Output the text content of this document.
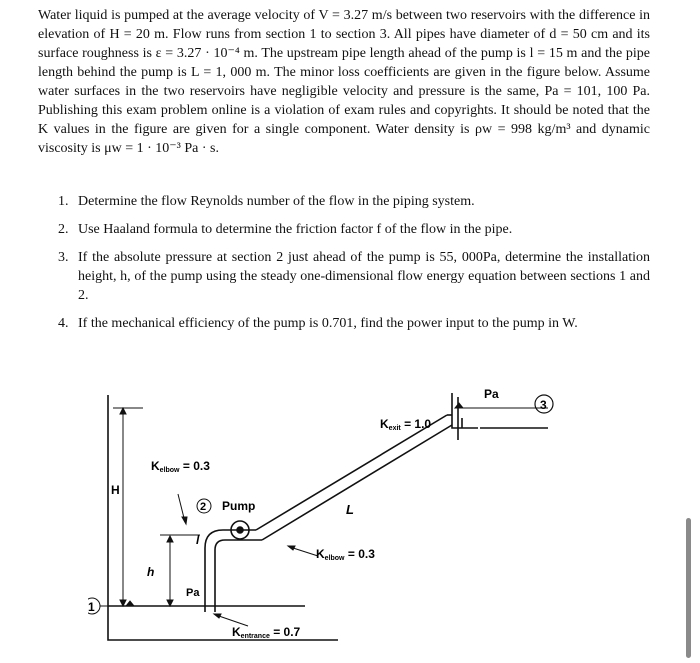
Water liquid is pumped at the average velocity of V = 3.27 m/s between two reservoirs with the difference in elevation of H = 20 m. Flow runs from section 1 to section 3. All pipes have diameter of d = 50 cm and its surface roughness is ε = 3.27 · 10⁻⁴ m. The upstream pipe length ahead of the pump is l = 15 m and the pipe length behind the pump is L = 1, 000 m. The minor loss coefficients are given in the figure below. Assume water surfaces in the two reservoirs have negligible velocity and pressure is the same, Pa = 101, 100 Pa. Publishing this exam problem online is a violation of exam rules and copyrights. It should be noted that the K values in the figure are given for a single component. Water density is ρw = 998 kg/m³ and dynamic viscosity is μw = 1 · 10⁻³ Pa · s.
1. Determine the flow Reynolds number of the flow in the piping system.
2. Use Haaland formula to determine the friction factor f of the flow in the pipe.
3. If the absolute pressure at section 2 just ahead of the pump is 55, 000Pa, determine the installation height, h, of the pump using the steady one-dimensional flow energy equation between sections 1 and 2.
4. If the mechanical efficiency of the pump is 0.701, find the power input to the pump in W.
Pa
3
Kexit = 1.0
Kelbow = 0.3
H
2 Pump	L
l
Kelbow = 0.3
h
Pa
1
Kentrance = 0.7
